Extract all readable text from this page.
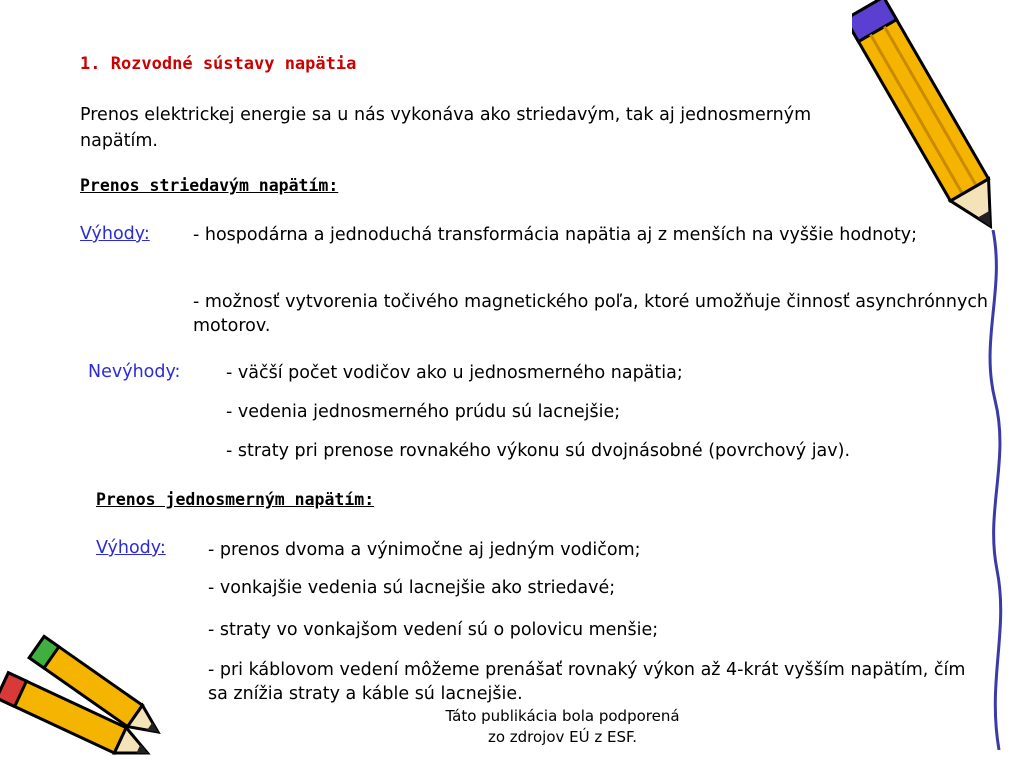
1. Rozvodné sústavy napätia
Prenos elektrickej energie sa u nás vykonáva ako striedavým, tak aj jednosmerným napätím.
Prenos striedavým napätím:
Výhody: - hospodárna a jednoduchá transformácia napätia aj z menších na vyššie hodnoty;
- možnosť vytvorenia točivého magnetického poľa, ktoré umožňuje činnosť asynchrónnych motorov.
Nevýhody:	- väčší počet vodičov ako u jednosmerného napätia;
- vedenia jednosmerného prúdu sú lacnejšie;
- straty pri prenose rovnakého výkonu sú dvojnásobné (povrchový jav).
Prenos jednosmerným napätím:
Výhody: - prenos dvoma a výnimočne aj jedným vodičom;
- vonkajšie vedenia sú lacnejšie ako striedavé;
- straty vo vonkajšom vedení sú o polovicu menšie;
- pri káblovom vedení môžeme prenášať rovnaký výkon až 4-krát vyšším napätím, čím sa znížia straty a káble sú lacnejšie.
Táto publikácia bola podporená
zo zdrojov EÚ z ESF.
